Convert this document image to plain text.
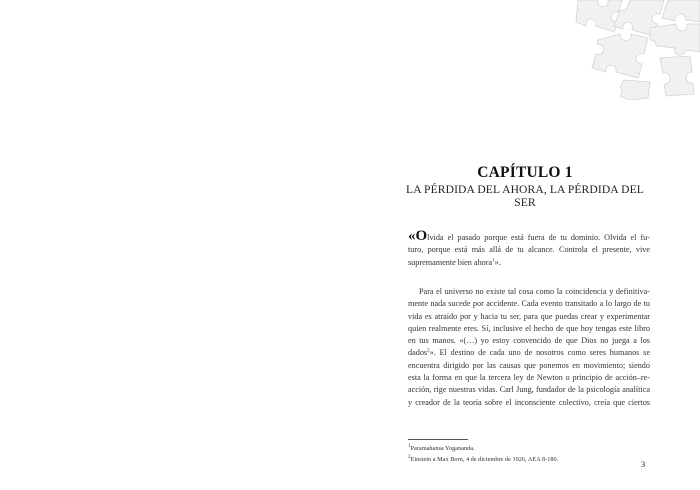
CAPÍTULO 1
LA PÉRDIDA DEL AHORA, LA PÉRDIDA DEL SER
«Olvida el pasado porque está fuera de tu dominio. Olvida el fu-
turo, porque está más allá de tu alcance. Controla el presente, vive
supremamente bien ahora$^1$».
Para el universo no existe tal cosa como la coincidencia y definitiva-
mente nada sucede por accidente. Cada evento transitado a lo largo de tu
vida es atraído por y hacia tu ser, para que puedas crear y experimentar
quien realmente eres. Sí, inclusive el hecho de que hoy tengas este libro
en tus manos. «(…) yo estoy convencido de que Dios no juega a los
dados$^2$». El destino de cada uno de nosotros como seres humanos se
encuentra dirigido por las causas que ponemos en movimiento; siendo
esta la forma en que la tercera ley de Newton o principio de acción–re-
acción, rige nuestras vidas. Carl Jung, fundador de la psicología analítica
y creador de la teoría sobre el inconsciente colectivo, creía que ciertos
$^1$Paramahansa Yogananda.
$^2$Einstein a Max Born, 4 de diciembre de 1926, AEA 8-180.	3
